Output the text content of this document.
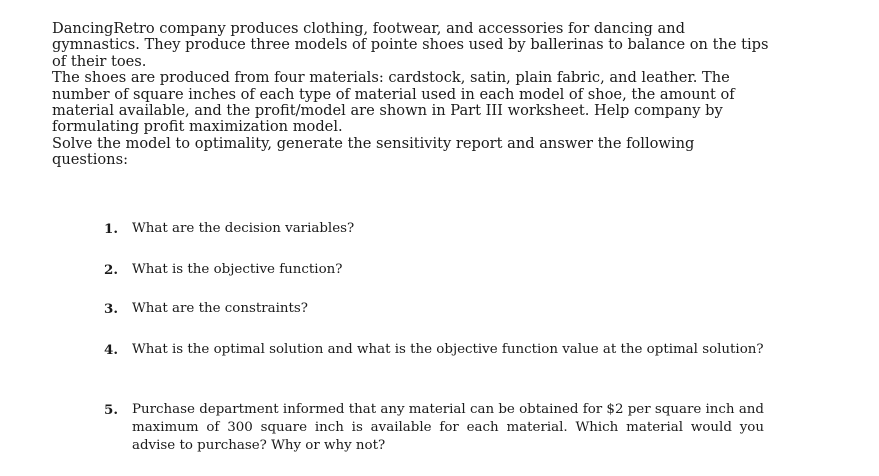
DancingRetro company produces clothing, footwear, and accessories for dancing and gymnastics. They produce three models of pointe shoes used by ballerinas to balance on the tips of their toes.

The shoes are produced from four materials: cardstock, satin, plain fabric, and leather. The number of square inches of each type of material used in each model of shoe, the amount of material available, and the profit/model are shown in Part III worksheet. Help company by formulating profit maximization model.

Solve the model to optimality, generate the sensitivity report and answer the following questions:

1.	What are the decision variables?
2.	What is the objective function?
3.	What are the constraints?
4.	What is the optimal solution and what is the objective function value at the optimal solution?
5.	Purchase department informed that any material can be obtained for $2 per square inch and maximum of 300 square inch is available for each material. Which material would you advise to purchase? Why or why not?
